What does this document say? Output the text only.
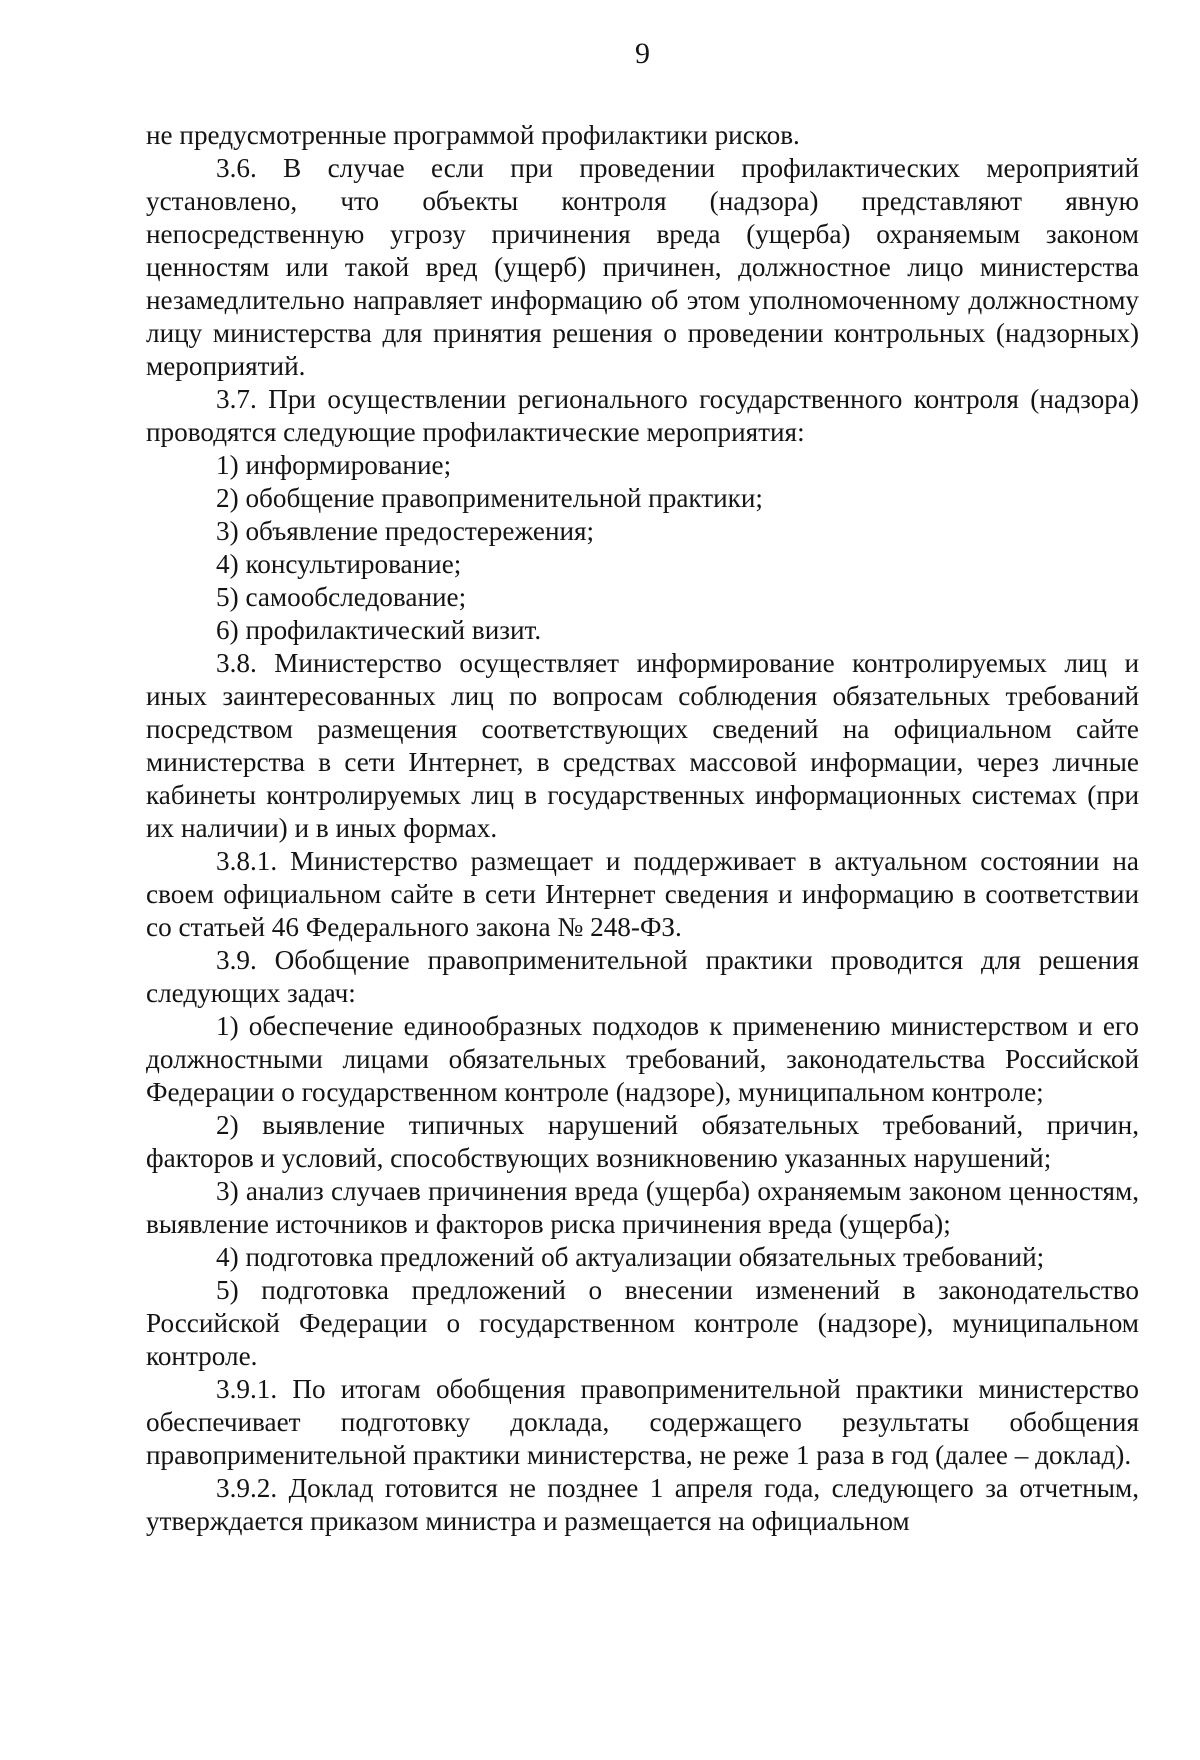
9

не предусмотренные программой профилактики рисков.

3.6. В случае если при проведении профилактических мероприятий установлено, что объекты контроля (надзора) представляют явную непосредственную угрозу причинения вреда (ущерба) охраняемым законом ценностям или такой вред (ущерб) причинен, должностное лицо министерства незамедлительно направляет информацию об этом уполномоченному должностному лицу министерства для принятия решения о проведении контрольных (надзорных) мероприятий.

3.7. При осуществлении регионального государственного контроля (надзора) проводятся следующие профилактические мероприятия:

1) информирование;

2) обобщение правоприменительной практики;

3) объявление предостережения;

4) консультирование;

5) самообследование;

6) профилактический визит.

3.8. Министерство осуществляет информирование контролируемых лиц и иных заинтересованных лиц по вопросам соблюдения обязательных требований посредством размещения соответствующих сведений на официальном сайте министерства в сети Интернет, в средствах массовой информации, через личные кабинеты контролируемых лиц в государственных информационных системах (при их наличии) и в иных формах.

3.8.1. Министерство размещает и поддерживает в актуальном состоянии на своем официальном сайте в сети Интернет сведения и информацию в соответствии со статьей 46 Федерального закона № 248-ФЗ.

3.9. Обобщение правоприменительной практики проводится для решения следующих задач:

1) обеспечение единообразных подходов к применению министерством и его должностными лицами обязательных требований, законодательства Российской Федерации о государственном контроле (надзоре), муниципальном контроле;

2) выявление типичных нарушений обязательных требований, причин, факторов и условий, способствующих возникновению указанных нарушений;

3) анализ случаев причинения вреда (ущерба) охраняемым законом ценностям, выявление источников и факторов риска причинения вреда (ущерба);

4) подготовка предложений об актуализации обязательных требований;

5) подготовка предложений о внесении изменений в законодательство Российской Федерации о государственном контроле (надзоре), муниципальном контроле.

3.9.1. По итогам обобщения правоприменительной практики министерство обеспечивает подготовку доклада, содержащего результаты обобщения правоприменительной практики министерства, не реже 1 раза в год (далее – доклад).

3.9.2. Доклад готовится не позднее 1 апреля года, следующего за отчетным, утверждается приказом министра и размещается на официальном
